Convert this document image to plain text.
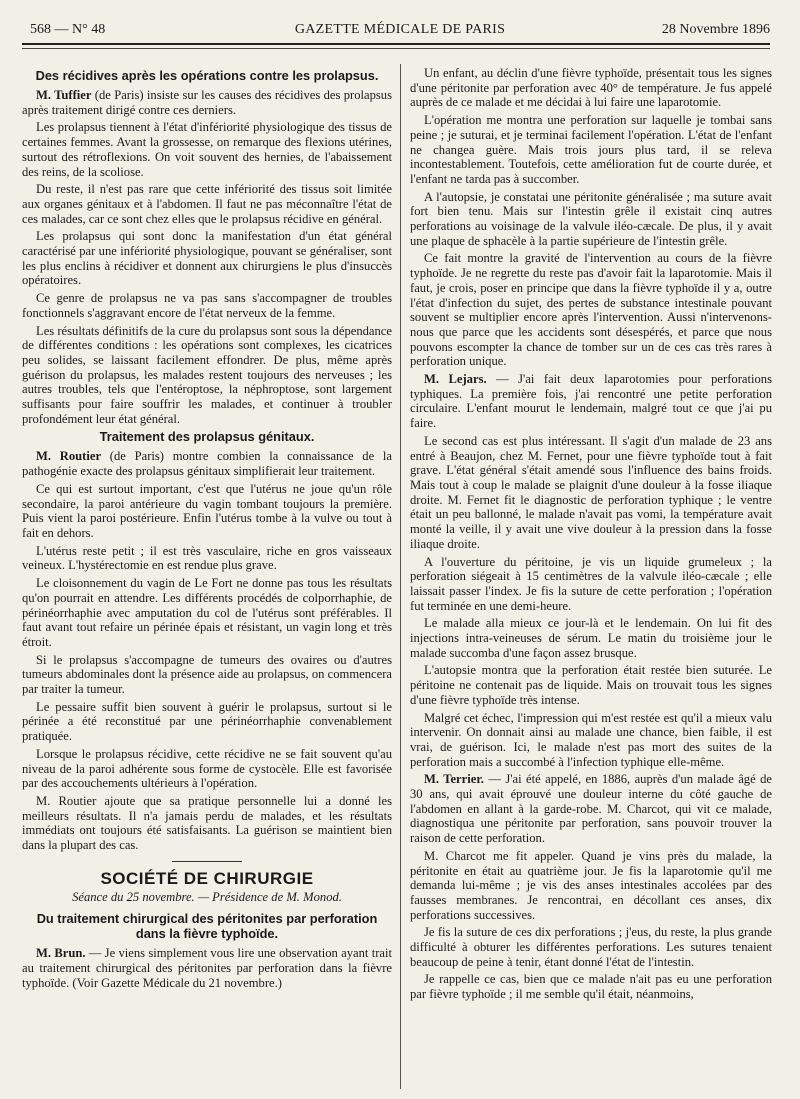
568 — N° 48	GAZETTE MÉDICALE DE PARIS	28 Novembre 1896
Des récidives après les opérations contre les prolapsus.

M. Tuffier (de Paris) insiste sur les causes des récidives des prolapsus après traitement dirigé contre ces derniers.

Les prolapsus tiennent à l'état d'infériorité physiologique des tissus de certaines femmes. Avant la grossesse, on remarque des flexions utérines, surtout des rétroflexions. On voit souvent des hernies, de l'abaissement des reins, de la scoliose.

Du reste, il n'est pas rare que cette infériorité des tissus soit limitée aux organes génitaux et à l'abdomen. Il faut ne pas méconnaître l'état de ces malades, car ce sont chez elles que le prolapsus récidive en général.

Les prolapsus qui sont donc la manifestation d'un état général caractérisé par une infériorité physiologique, pouvant se généraliser, sont les plus enclins à récidiver et donnent aux chirurgiens le plus d'insuccès opératoires.

Ce genre de prolapsus ne va pas sans s'accompagner de troubles fonctionnels s'aggravant encore de l'état nerveux de la femme.

Les résultats définitifs de la cure du prolapsus sont sous la dépendance de différentes conditions : les opérations sont complexes, les cicatrices peu solides, se laissant facilement effondrer. De plus, même après guérison du prolapsus, les malades restent toujours des nerveuses ; les autres troubles, tels que l'entéroptose, la néphroptose, sont largement suffisants pour faire souffrir les malades, et continuer à troubler profondément leur état général.

Traitement des prolapsus génitaux.

M. Routier (de Paris) montre combien la connaissance de la pathogénie exacte des prolapsus génitaux simplifierait leur traitement.

Ce qui est surtout important, c'est que l'utérus ne joue qu'un rôle secondaire, la paroi antérieure du vagin tombant toujours la première. Puis vient la paroi postérieure. Enfin l'utérus tombe à la vulve ou tout à fait en dehors.

L'utérus reste petit ; il est très vasculaire, riche en gros vaisseaux veineux. L'hystérectomie en est rendue plus grave.

Le cloisonnement du vagin de Le Fort ne donne pas tous les résultats qu'on pourrait en attendre. Les différents procédés de colporrhaphie, de périnéorrhaphie avec amputation du col de l'utérus sont préférables. Il faut avant tout refaire un périnée épais et résistant, un vagin long et très étroit.

Si le prolapsus s'accompagne de tumeurs des ovaires ou d'autres tumeurs abdominales dont la présence aide au prolapsus, on commencera par traiter la tumeur.

Le pessaire suffit bien souvent à guérir le prolapsus, surtout si le périnée a été reconstitué par une périnéorrhaphie convenablement pratiquée.

Lorsque le prolapsus récidive, cette récidive ne se fait souvent qu'au niveau de la paroi adhérente sous forme de cystocèle. Elle est favorisée par des accouchements ultérieurs à l'opération.

M. Routier ajoute que sa pratique personnelle lui a donné les meilleurs résultats. Il n'a jamais perdu de malades, et les résultats immédiats ont toujours été satisfaisants. La guérison se maintient bien dans la plupart des cas.

SOCIÉTÉ DE CHIRURGIE
Séance du 25 novembre. — Présidence de M. Monod.
Du traitement chirurgical des péritonites par perforation dans la fièvre typhoïde.

M. Brun. — Je viens simplement vous lire une observation ayant trait au traitement chirurgical des péritonites par perforation dans la fièvre typhoïde. (Voir Gazette Médicale du 21 novembre.)

Un enfant, au déclin d'une fièvre typhoïde, présentait tous les signes d'une péritonite par perforation avec 40° de température. Je fus appelé auprès de ce malade et me décidai à lui faire une laparotomie.

L'opération me montra une perforation sur laquelle je tombai sans peine ; je suturai, et je terminai facilement l'opération. L'état de l'enfant ne changea guère. Mais trois jours plus tard, il se releva incontestablement. Toutefois, cette amélioration fut de courte durée, et l'enfant ne tarda pas à succomber.

A l'autopsie, je constatai une péritonite généralisée ; ma suture avait fort bien tenu. Mais sur l'intestin grêle il existait cinq autres perforations au voisinage de la valvule iléo-cæcale. De plus, il y avait une plaque de sphacèle à la partie supérieure de l'intestin grêle.

Ce fait montre la gravité de l'intervention au cours de la fièvre typhoïde. Je ne regrette du reste pas d'avoir fait la laparotomie. Mais il faut, je crois, poser en principe que dans la fièvre typhoïde il y a, outre l'état d'infection du sujet, des pertes de substance intestinale pouvant souvent se multiplier encore après l'intervention. Aussi n'intervenons-nous que parce que les accidents sont désespérés, et parce que nous pouvons escompter la chance de tomber sur un de ces cas très rares à perforation unique.

M. Lejars. — J'ai fait deux laparotomies pour perforations typhiques. La première fois, j'ai rencontré une petite perforation circulaire. L'enfant mourut le lendemain, malgré tout ce que j'ai pu faire.

Le second cas est plus intéressant. Il s'agit d'un malade de 23 ans entré à Beaujon, chez M. Fernet, pour une fièvre typhoïde tout à fait grave. L'état général s'était amendé sous l'influence des bains froids. Mais tout à coup le malade se plaignit d'une douleur à la fosse iliaque droite. M. Fernet fit le diagnostic de perforation typhique ; le ventre était un peu ballonné, le malade n'avait pas vomi, la température avait monté la veille, il y avait une vive douleur à la pression dans la fosse iliaque droite.

A l'ouverture du péritoine, je vis un liquide grumeleux ; la perforation siégeait à 15 centimètres de la valvule iléo-cæcale ; elle laissait passer l'index. Je fis la suture de cette perforation ; l'opération fut terminée en une demi-heure.

Le malade alla mieux ce jour-là et le lendemain. On lui fit des injections intra-veineuses de sérum. Le matin du troisième jour le malade succomba d'une façon assez brusque.

L'autopsie montra que la perforation était restée bien suturée. Le péritoine ne contenait pas de liquide. Mais on trouvait tous les signes d'une fièvre typhoïde très intense.

Malgré cet échec, l'impression qui m'est restée est qu'il a mieux valu intervenir. On donnait ainsi au malade une chance, bien faible, il est vrai, de guérison. Ici, le malade n'est pas mort des suites de la perforation mais a succombé à l'infection typhique elle-même.

M. Terrier. — J'ai été appelé, en 1886, auprès d'un malade âgé de 30 ans, qui avait éprouvé une douleur interne du côté gauche de l'abdomen en allant à la garde-robe. M. Charcot, qui vit ce malade, diagnostiqua une péritonite par perforation, sans pouvoir trouver la raison de cette perforation.

M. Charcot me fit appeler. Quand je vins près du malade, la péritonite en était au quatrième jour. Je fis la laparotomie qu'il me demanda lui-même ; je vis des anses intestinales accolées par des fausses membranes. Je rencontrai, en décollant ces anses, dix perforations successives.

Je fis la suture de ces dix perforations ; j'eus, du reste, la plus grande difficulté à obturer les différentes perforations. Les sutures tenaient beaucoup de peine à tenir, étant donné l'état de l'intestin.

Je rappelle ce cas, bien que ce malade n'ait pas eu une perforation par fièvre typhoïde ; il me semble qu'il était, néanmoins,
